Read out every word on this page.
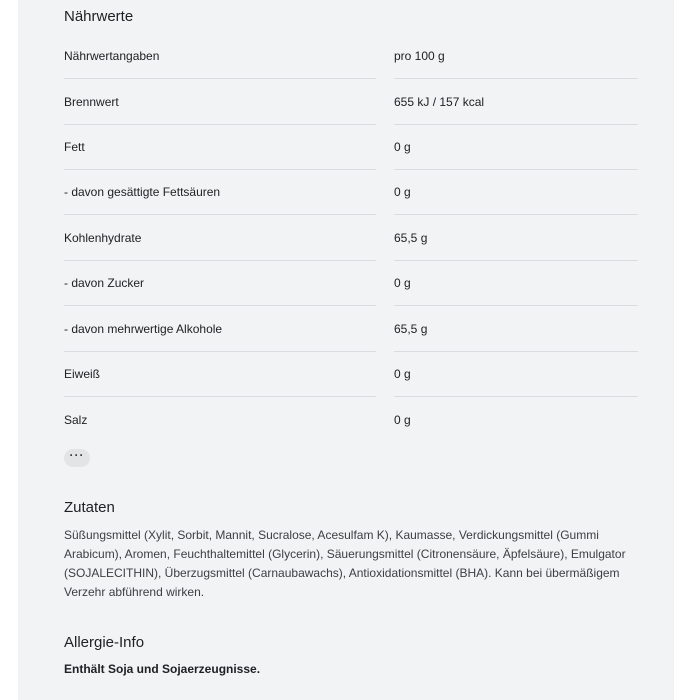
Nährwerte
Nährwertangaben	pro 100 g
Brennwert	655 kJ / 157 kcal
Fett	0 g
- davon gesättigte Fettsäuren	0 g
Kohlenhydrate	65,5 g
- davon Zucker	0 g
- davon mehrwertige Alkohole	65,5 g
Eiweiß	0 g
Salz	0 g
···
Zutaten
Süßungsmittel (Xylit, Sorbit, Mannit, Sucralose, Acesulfam K), Kaumasse, Verdickungsmittel (Gummi Arabicum), Aromen, Feuchthaltemittel (Glycerin), Säuerungsmittel (Citronensäure, Äpfelsäure), Emulgator (SOJALECITHIN), Überzugsmittel (Carnaubawachs), Antioxidationsmittel (BHA). Kann bei übermäßigem Verzehr abführend wirken.
Allergie-Info
Enthält Soja und Sojaerzeugnisse.
